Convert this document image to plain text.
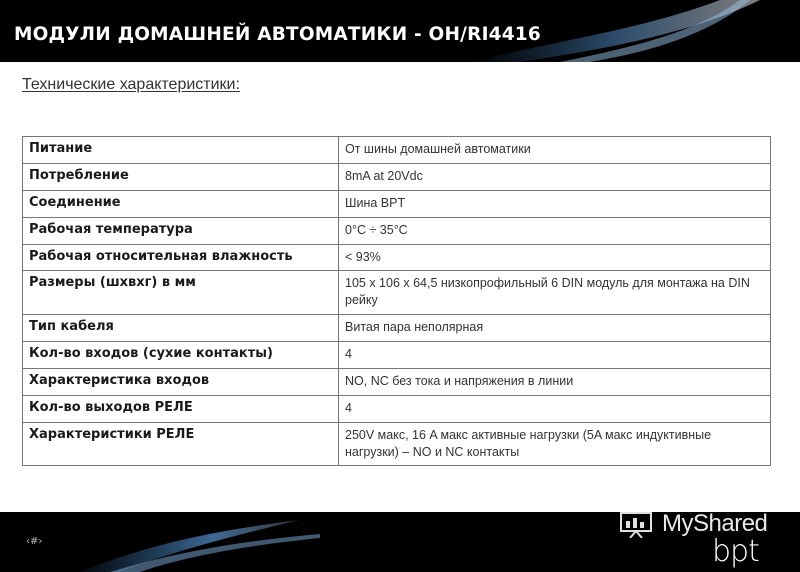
МОДУЛИ ДОМАШНЕЙ АВТОМАТИКИ - OH/RI4416
Технические характеристики:
Питание	От шины домашней автоматики
Потребление	8mA at 20Vdc
Соединение	Шина BPT
Рабочая температура	0°C ÷ 35°C
Рабочая относительная влажность	< 93%
Размеры (шхвхг) в мм	105 x 106 x 64,5 низкопрофильный 6 DIN модуль для монтажа на DIN рейку
Тип кабеля	Витая пара неполярная
Кол-во входов (сухие контакты)	4
Характеристика входов	NO, NC без тока и напряжения в линии
Кол-во выходов РЕЛЕ	4
Характеристики РЕЛЕ	250V макс, 16 A макс активные нагрузки (5A макс индуктивные нагрузки) – NO и NC контакты
‹#›
MyShared
bpt
